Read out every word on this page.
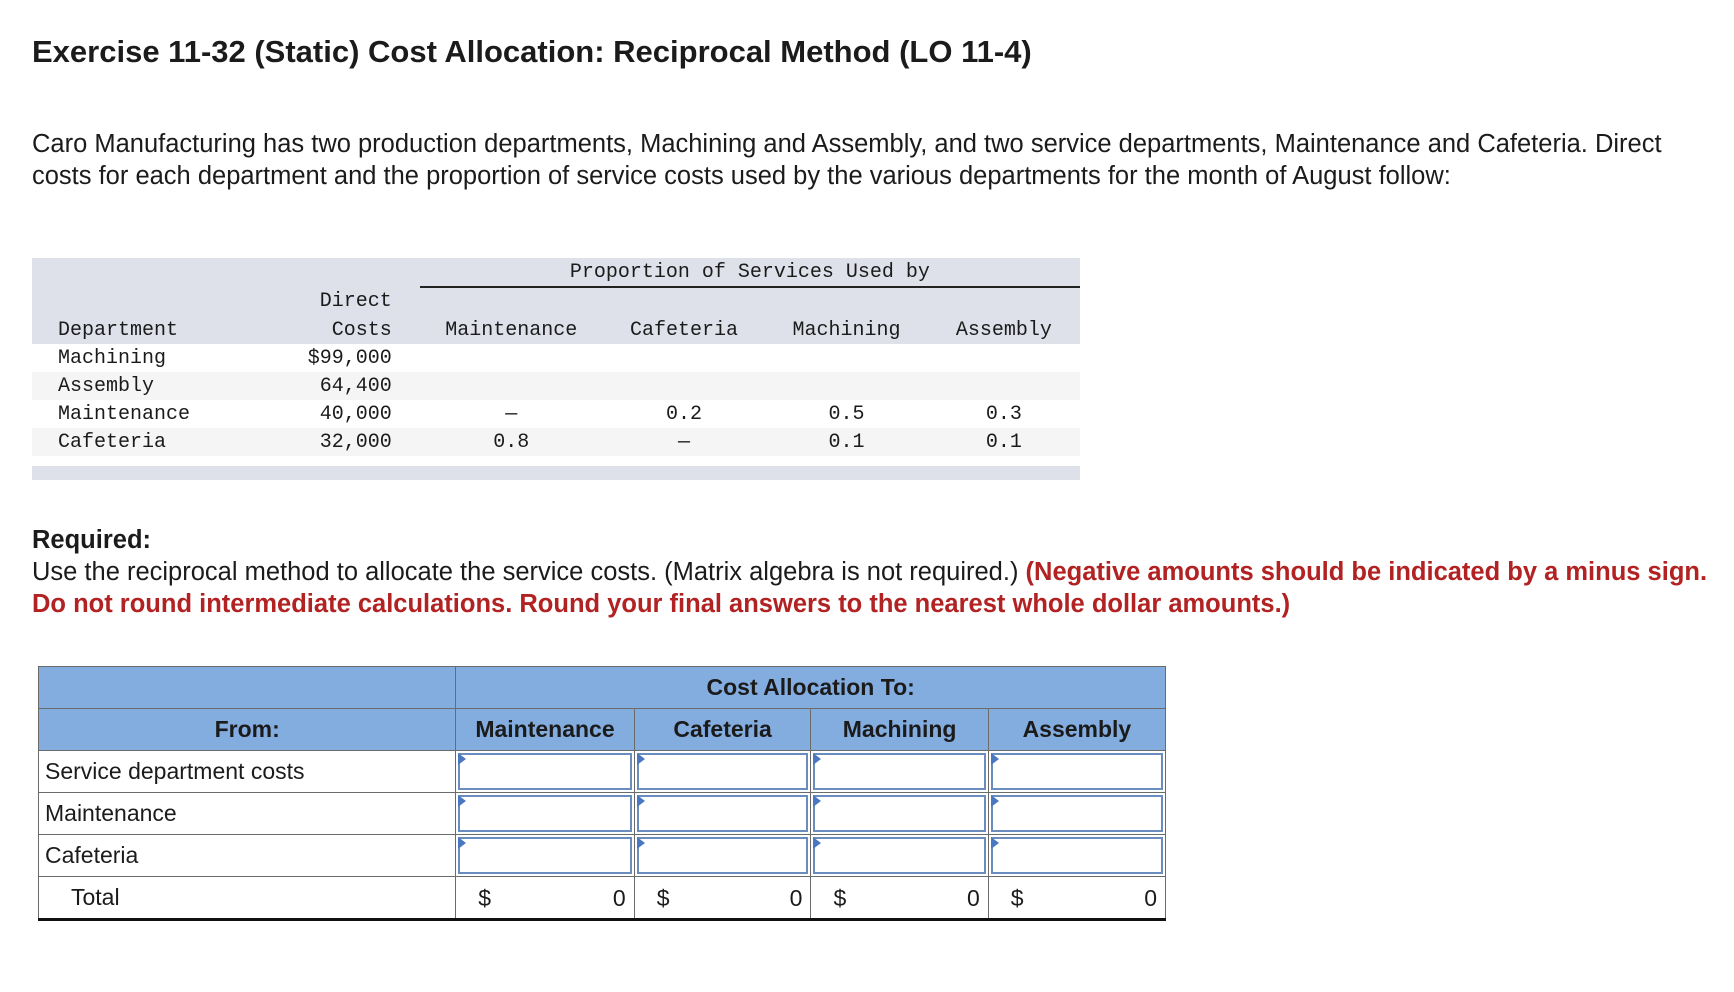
Exercise 11-32 (Static) Cost Allocation: Reciprocal Method (LO 11-4)

Caro Manufacturing has two production departments, Machining and Assembly, and two service departments, Maintenance and Cafeteria. Direct costs for each department and the proportion of service costs used by the various departments for the month of August follow:

		Proportion of Services Used by			
	Direct				
Department	Costs	Maintenance	Cafeteria	Machining	Assembly
Machining	$99,000				
Assembly	64,400				
Maintenance	40,000	—	0.2	0.5	0.3
Cafeteria	32,000	0.8	—	0.1	0.1

Required:
Use the reciprocal method to allocate the service costs. (Matrix algebra is not required.) (Negative amounts should be indicated by a minus sign. Do not round intermediate calculations. Round your final answers to the nearest whole dollar amounts.)
	Cost Allocation To:			
From:	Maintenance	Cafeteria	Machining	Assembly
Service department costs	

Maintenance	

Cafeteria	

Total	$ 0	$ 0	$ 0	$ 0
